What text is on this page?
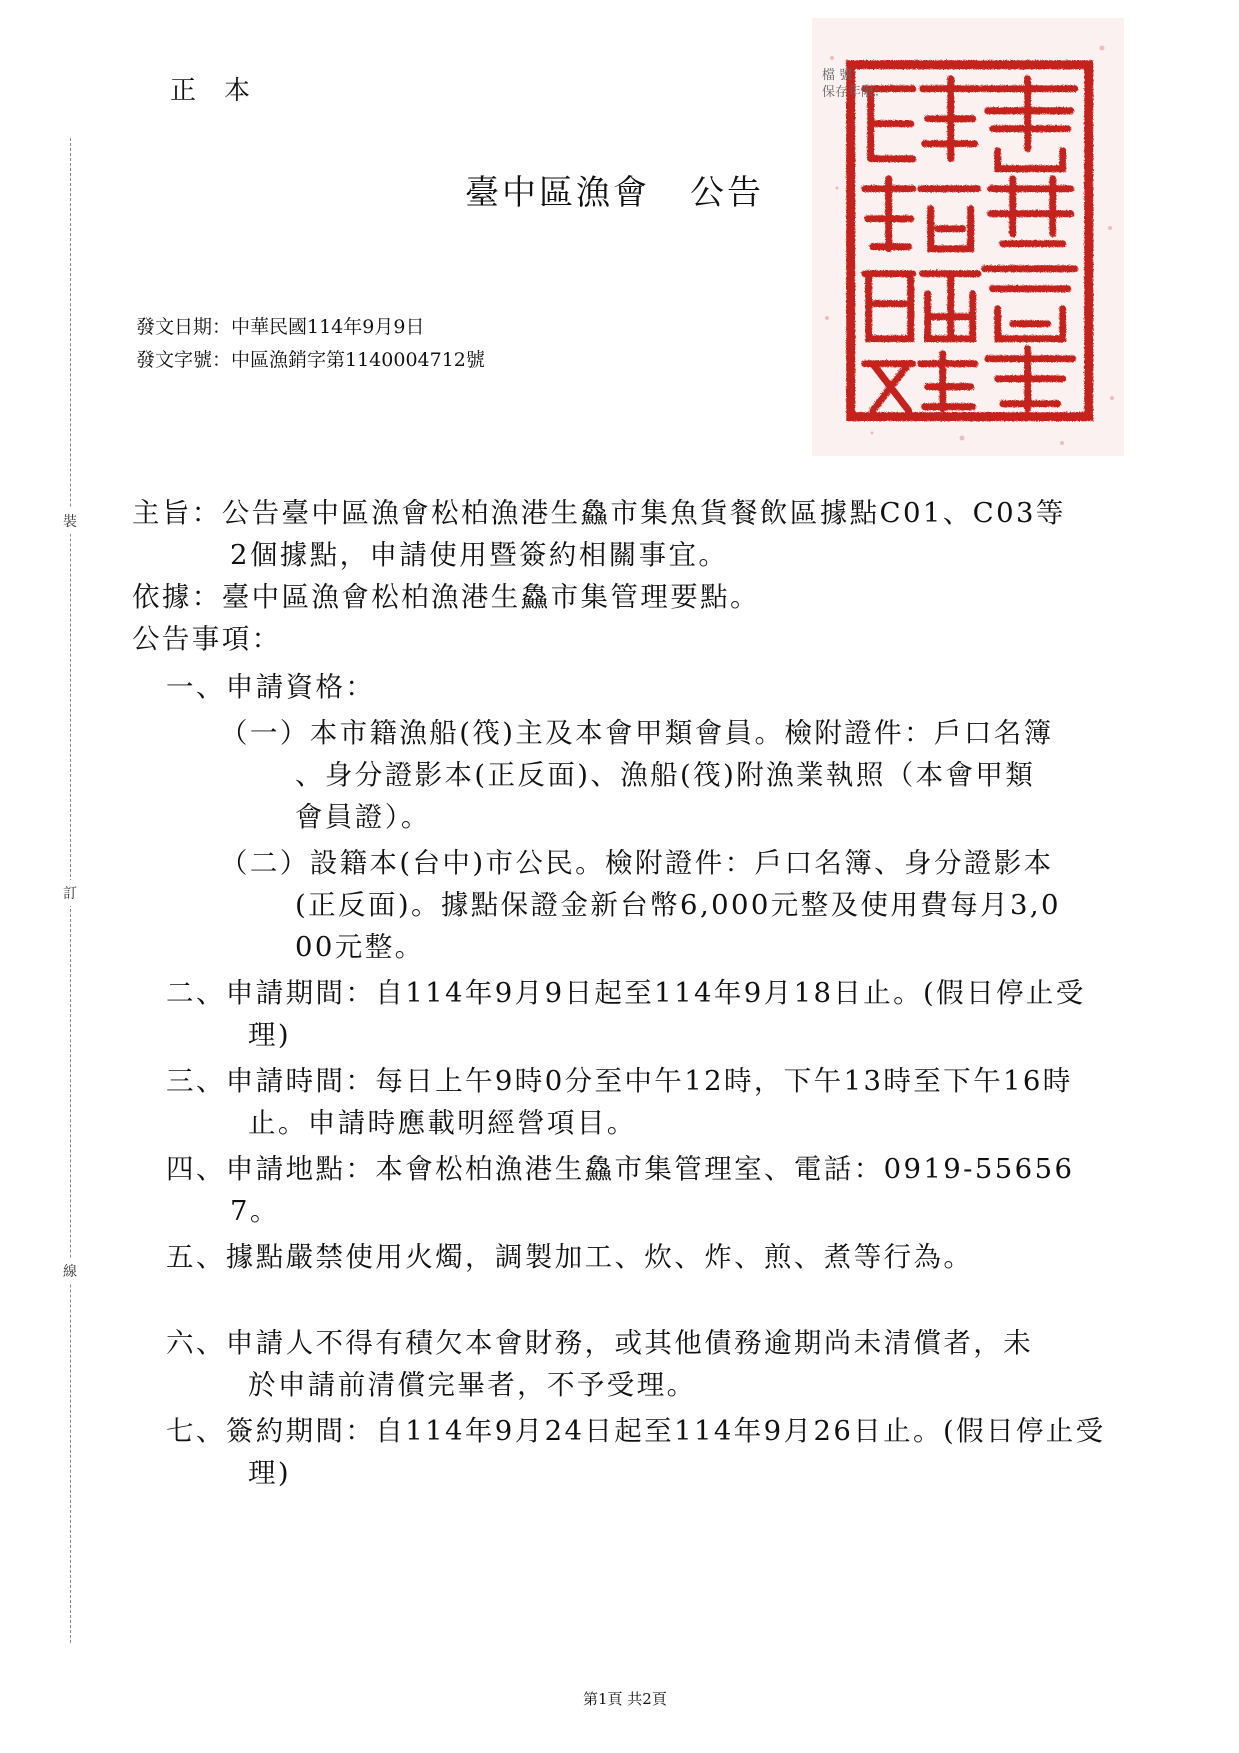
裝
訂
線
正本
臺中區漁會 公告
發文日期：中華民國114年9月9日
發文字號：中區漁銷字第1140004712號
檔 號：
保存年限：
主旨：公告臺中區漁會松柏漁港生鱻市集魚貨餐飲區據點C01、C03等
2個據點，申請使用暨簽約相關事宜。
依據：臺中區漁會松柏漁港生鱻市集管理要點。
公告事項：
一、申請資格：
（一）本市籍漁船(筏)主及本會甲類會員。檢附證件：戶口名簿
、身分證影本(正反面)、漁船(筏)附漁業執照（本會甲類
會員證）。
（二）設籍本(台中)市公民。檢附證件：戶口名簿、身分證影本
(正反面)。據點保證金新台幣6,000元整及使用費每月3,0
00元整。
二、申請期間：自114年9月9日起至114年9月18日止。(假日停止受
理)
三、申請時間：每日上午9時0分至中午12時，下午13時至下午16時
止。申請時應載明經營項目。
四、申請地點：本會松柏漁港生鱻市集管理室、電話：0919-55656
7。
五、據點嚴禁使用火燭，調製加工、炊、炸、煎、煮等行為。
六、申請人不得有積欠本會財務，或其他債務逾期尚未清償者，未
於申請前清償完畢者，不予受理。
七、簽約期間：自114年9月24日起至114年9月26日止。(假日停止受
理)
第1頁 共2頁
